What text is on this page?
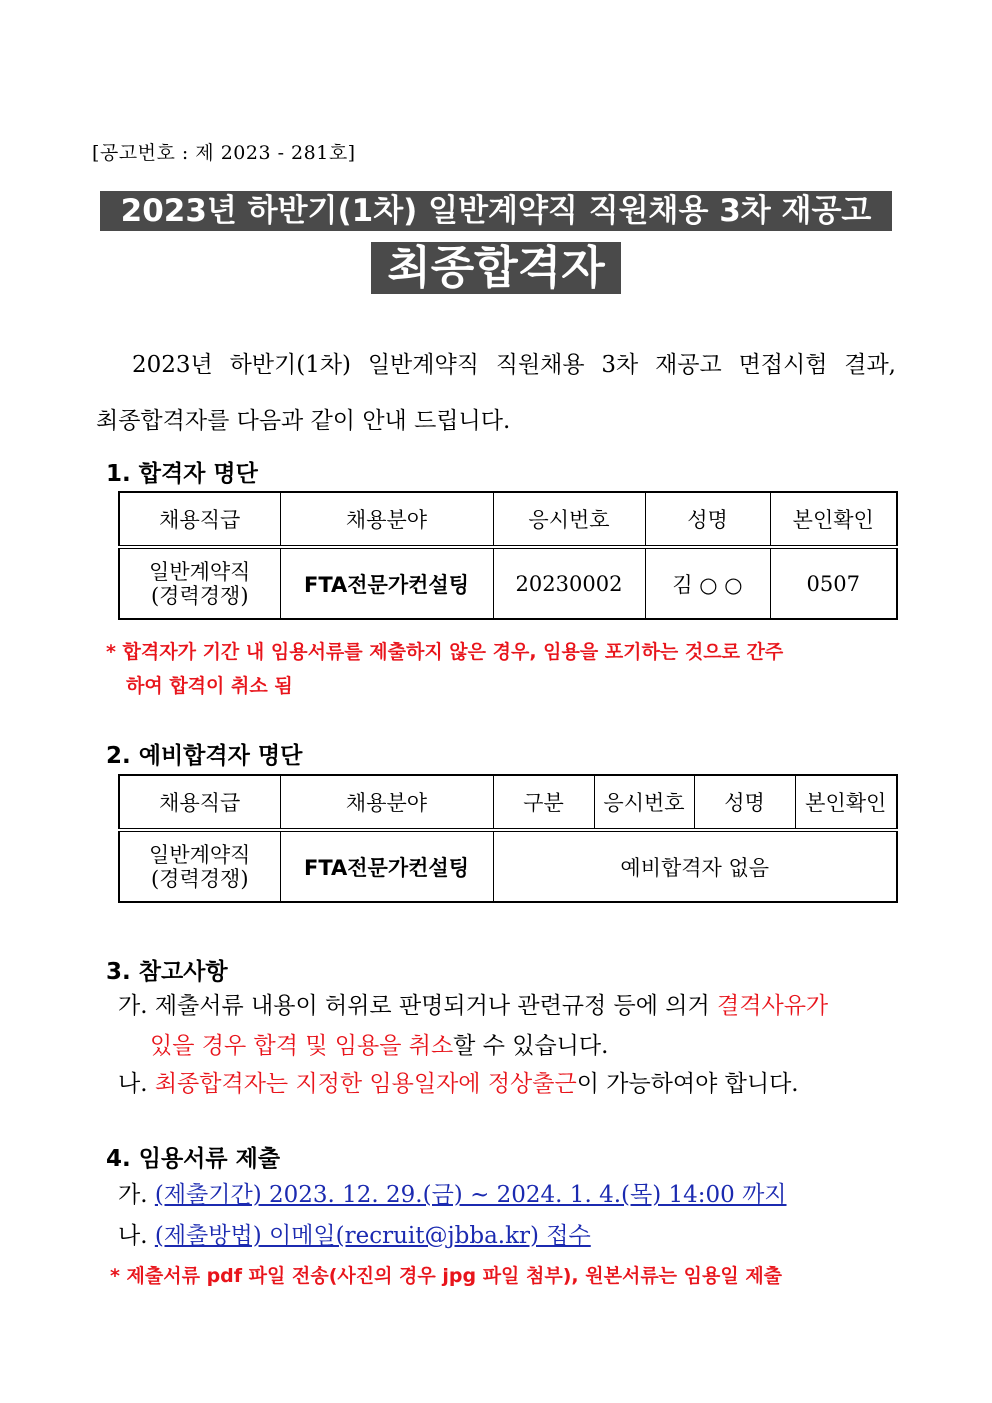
[공고번호 : 제 2023 - 281호]
2023년 하반기(1차) 일반계약직 직원채용 3차 재공고
최종합격자
2023년 하반기(1차) 일반계약직 직원채용 3차 재공고 면접시험 결과,
최종합격자를 다음과 같이 안내 드립니다.
1. 합격자 명단
채용직급	채용분야	응시번호	성명	본인확인

일반계약직
(경력경쟁)	FTA전문가컨설팅	20230002	김 ○ ○	0507
* 합격자가 기간 내 임용서류를 제출하지 않은 경우, 임용을 포기하는 것으로 간주
하여 합격이 취소 됨
2. 예비합격자 명단
채용직급	채용분야	구분	응시번호	성명	본인확인

일반계약직
(경력경쟁)	FTA전문가컨설팅	예비합격자 없음			
3. 참고사항
가. 제출서류 내용이 허위로 판명되거나 관련규정 등에 의거 결격사유가
있을 경우 합격 및 임용을 취소할 수 있습니다.
나. 최종합격자는 지정한 임용일자에 정상출근이 가능하여야 합니다.
4. 임용서류 제출
가. (제출기간) 2023. 12. 29.(금) ~ 2024. 1. 4.(목) 14:00 까지
나. (제출방법) 이메일(recruit@jbba.kr) 접수
* 제출서류 pdf 파일 전송(사진의 경우 jpg 파일 첨부), 원본서류는 임용일 제출
